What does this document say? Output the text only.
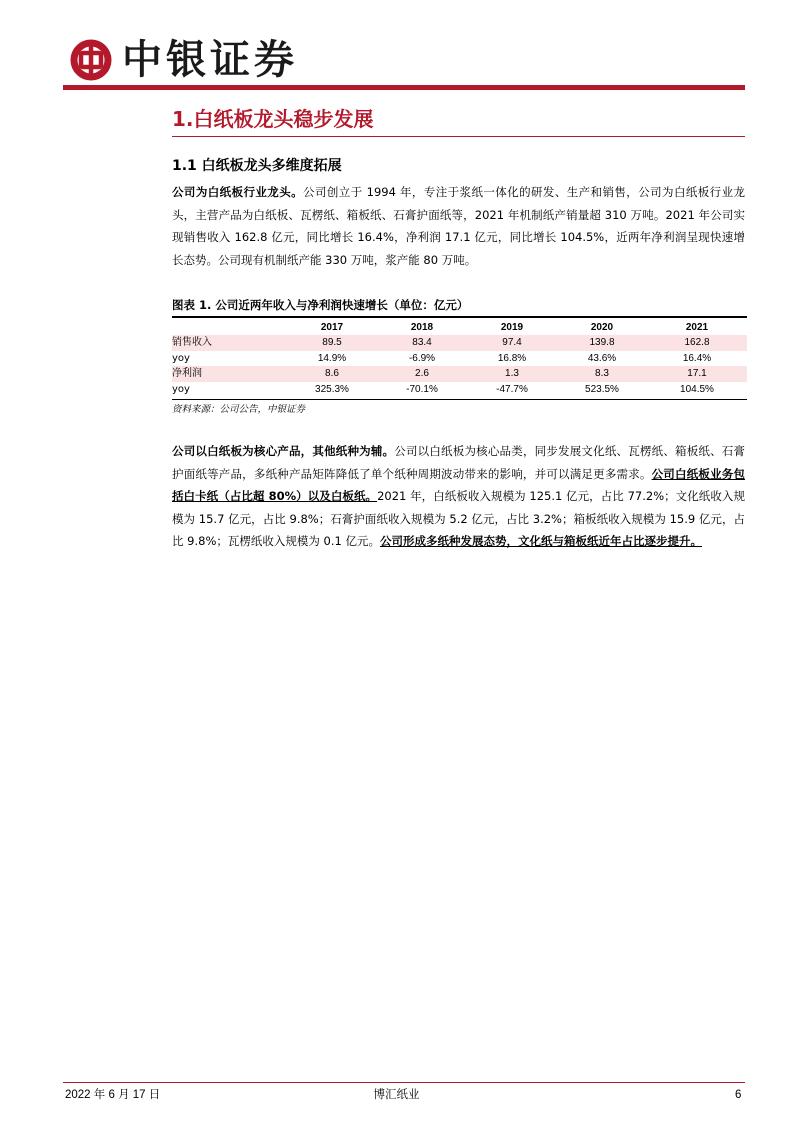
中银证券
1.白纸板龙头稳步发展
1.1 白纸板龙头多维度拓展
公司为白纸板行业龙头。公司创立于 1994 年，专注于浆纸一体化的研发、生产和销售，公司为白纸板行业龙头，主营产品为白纸板、瓦楞纸、箱板纸、石膏护面纸等，2021 年机制纸产销量超 310 万吨。2021 年公司实现销售收入 162.8 亿元，同比增长 16.4%，净利润 17.1 亿元，同比增长 104.5%，近两年净利润呈现快速增长态势。公司现有机制纸产能 330 万吨，浆产能 80 万吨。
图表 1. 公司近两年收入与净利润快速增长（单位：亿元）
	2017	2018	2019	2020	2021
销售收入	89.5	83.4	97.4	139.8	162.8
yoy	14.9%	-6.9%	16.8%	43.6%	16.4%
净利润	8.6	2.6	1.3	8.3	17.1
yoy	325.3%	-70.1%	-47.7%	523.5%	104.5%
资料来源：公司公告，中银证券
公司以白纸板为核心产品，其他纸种为辅。公司以白纸板为核心品类，同步发展文化纸、瓦楞纸、箱板纸、石膏护面纸等产品，多纸种产品矩阵降低了单个纸种周期波动带来的影响，并可以满足更多需求。公司白纸板业务包括白卡纸（占比超 80%）以及白板纸。2021 年，白纸板收入规模为 125.1 亿元，占比 77.2%；文化纸收入规模为 15.7 亿元，占比 9.8%；石膏护面纸收入规模为 5.2 亿元，占比 3.2%；箱板纸收入规模为 15.9 亿元，占比 9.8%；瓦楞纸收入规模为 0.1 亿元。公司形成多纸种发展态势，文化纸与箱板纸近年占比逐步提升。
博汇纸业
2022 年 6 月 17 日	6
